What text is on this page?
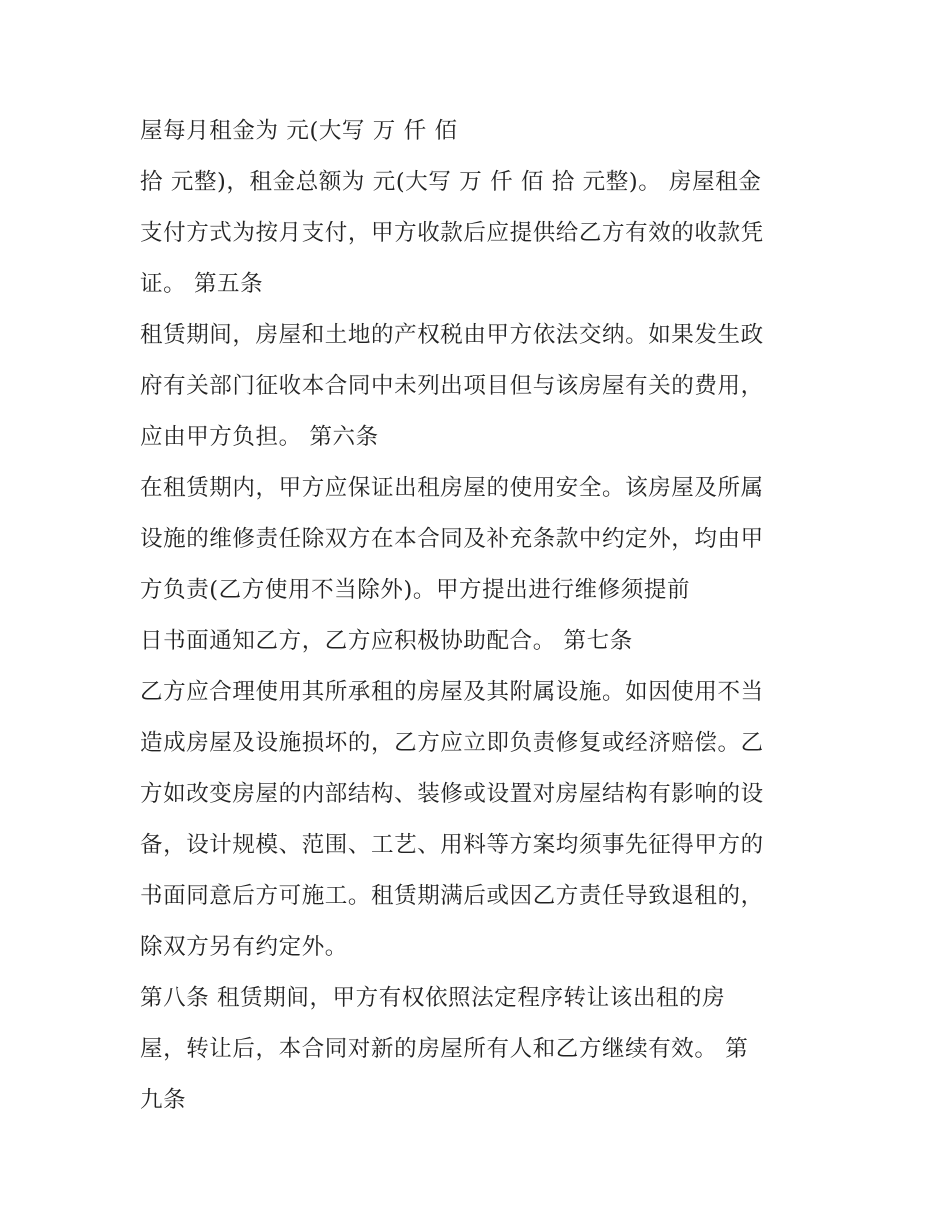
屋每月租金为 元(大写 万 仟 佰
拾 元整)，租金总额为 元(大写 万 仟 佰 拾 元整)。 房屋租金
支付方式为按月支付，甲方收款后应提供给乙方有效的收款凭
证。 第五条
租赁期间，房屋和土地的产权税由甲方依法交纳。如果发生政
府有关部门征收本合同中未列出项目但与该房屋有关的费用，
应由甲方负担。 第六条
在租赁期内，甲方应保证出租房屋的使用安全。该房屋及所属
设施的维修责任除双方在本合同及补充条款中约定外，均由甲
方负责(乙方使用不当除外)。甲方提出进行维修须提前
日书面通知乙方，乙方应积极协助配合。 第七条
乙方应合理使用其所承租的房屋及其附属设施。如因使用不当
造成房屋及设施损坏的，乙方应立即负责修复或经济赔偿。乙
方如改变房屋的内部结构、装修或设置对房屋结构有影响的设
备，设计规模、范围、工艺、用料等方案均须事先征得甲方的
书面同意后方可施工。租赁期满后或因乙方责任导致退租的，
除双方另有约定外。
第八条 租赁期间，甲方有权依照法定程序转让该出租的房
屋，转让后，本合同对新的房屋所有人和乙方继续有效。 第
九条
